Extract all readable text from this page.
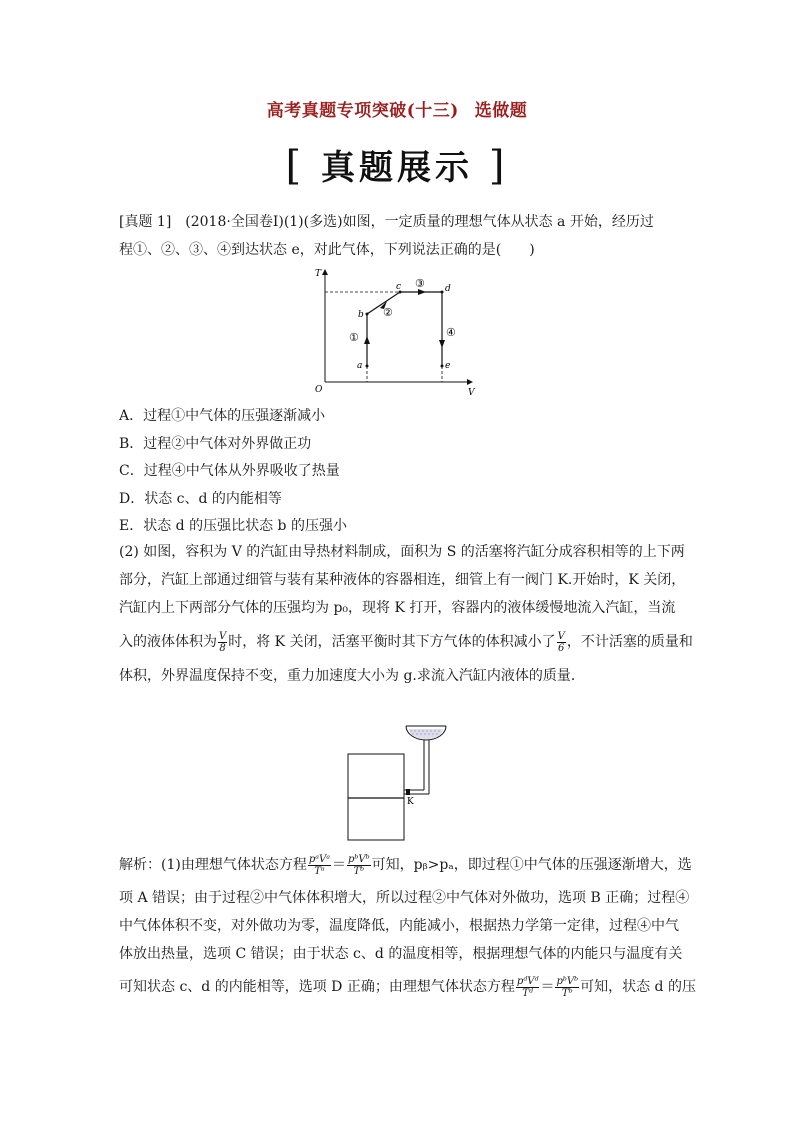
高考真题专项突破(十三) 选做题
[ 真题展示 ]
[真题 1]　(2018·全国卷Ⅰ)(1)(多选)如图，一定质量的理想气体从状态 a 开始，经历过
程①、②、③、④到达状态 e，对此气体，下列说法正确的是(　　)
T
V
O
a
b
c	d
e
①
②
③
④
A．过程①中气体的压强逐渐减小
B．过程②中气体对外界做正功
C．过程④中气体从外界吸收了热量
D．状态 c、d 的内能相等
E．状态 d 的压强比状态 b 的压强小
(2) 如图，容积为 V 的汽缸由导热材料制成，面积为 S 的活塞将汽缸分成容积相等的上下两
部分，汽缸上部通过细管与装有某种液体的容器相连，细管上有一阀门 K.开始时，K 关闭，
汽缸内上下两部分气体的压强均为 p₀，现将 K 打开，容器内的液体缓慢地流入汽缸，当流
入的液体体积为 $\frac{V}{8}$ 时，将 K 关闭，活塞平衡时其下方气体的体积减小了 $\frac{V}{6}$ ，不计活塞的质量和
体积，外界温度保持不变，重力加速度大小为 g.求流入汽缸内液体的质量．
K
解析：(1)由理想气体状态方程 $\frac{\text{pᵃVᵃ}}{\text{Tᵃ}} = \frac{\text{pᵇVᵇ}}{\text{Tᵇ}}$ 可知，pᵦ>pₐ，即过程①中气体的压强逐渐增大，选
项 A 错误；由于过程②中气体体积增大，所以过程②中气体对外做功，选项 B 正确；过程④
中气体体积不变，对外做功为零，温度降低，内能减小，根据热力学第一定律，过程④中气
体放出热量，选项 C 错误；由于状态 c、d 的温度相等，根据理想气体的内能只与温度有关
可知状态 c、d 的内能相等，选项 D 正确；由理想气体状态方程 $\frac{\text{pᵈVᵈ}}{\text{Tᵈ}} = \frac{\text{pᵇVᵇ}}{\text{Tᵇ}}$ 可知，状态 d 的压
